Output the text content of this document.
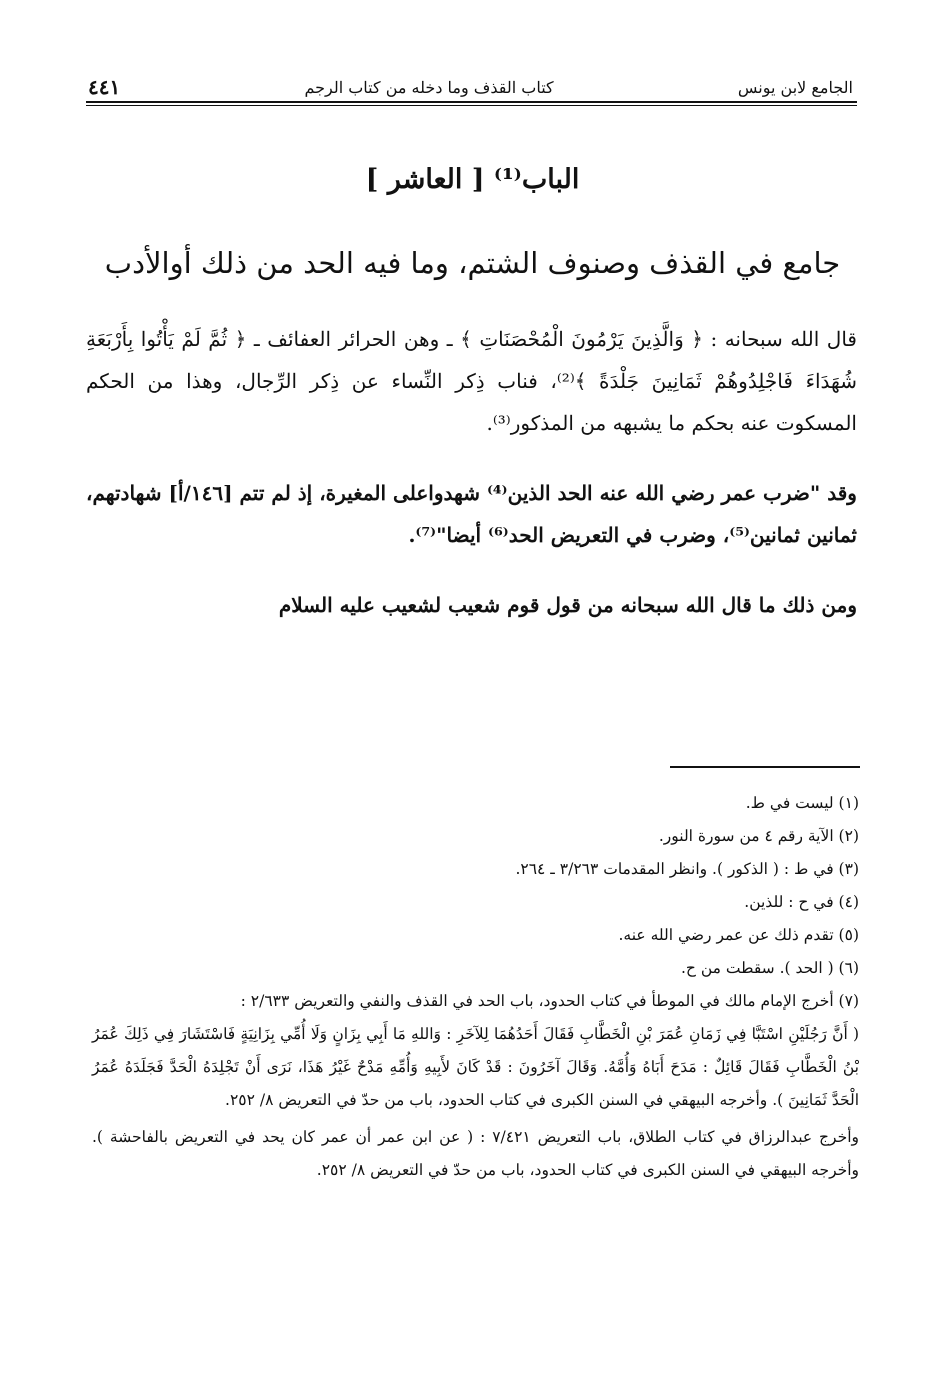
الجامع لابن يونس
كتاب القذف وما دخله من كتاب الرجم
٤٤١
الباب⁽¹⁾ [ العاشر ]
جامع في القذف وصنوف الشتم، وما فيه الحد من ذلك أوالأدب

قال الله سبحانه : ﴿ وَالَّذِينَ يَرْمُونَ الْمُحْصَنَاتِ ﴾ ـ وهن الحرائر العفائف ـ ﴿ ثُمَّ لَمْ يَأْتُوا بِأَرْبَعَةِ شُهَدَاءَ فَاجْلِدُوهُمْ ثَمَانِينَ جَلْدَةً ﴾⁽²⁾، فناب ذِكر النِّساء عن ذِكر الرِّجال، وهذا من الحكم المسكوت عنه بحكم ما يشبهه من المذكور⁽³⁾.

وقد "ضرب عمر رضي الله عنه الحد الذين⁽⁴⁾ شهدواعلى المغيرة، إذ لم تتم [١٤٦/أ] شهادتهم، ثمانين ثمانين⁽⁵⁾، وضرب في التعريض الحد⁽⁶⁾ أيضا"⁽⁷⁾.

ومن ذلك ما قال الله سبحانه من قول قوم شعيب لشعيب عليه السلام

(١) ليست في ط.

(٢) الآية رقم ٤ من سورة النور.

(٣) في ط : ( الذكور ). وانظر المقدمات ٣/٢٦٣ ـ ٢٦٤.

(٤) في ح : للذين.

(٥) تقدم ذلك عن عمر رضي الله عنه.

(٦) ( الحد ). سقطت من ح.

(٧) أخرج الإمام مالك في الموطأ في كتاب الحدود، باب الحد في القذف والنفي والتعريض ٢/٦٣٣ :

( أَنَّ رَجُلَيْنِ اسْتَبَّا فِي زَمَانِ عُمَرَ بْنِ الْخَطَّابِ فَقَالَ أَحَدُهُمَا لِلآخَرِ : وَاللهِ مَا أَبِي بِزَانٍ وَلَا أُمِّي بِزَانِيَةٍ فَاسْتَشَارَ فِي ذَلِكَ عُمَرُ بْنُ الْخَطَّابِ فَقَالَ قَائِلٌ : مَدَحَ أَبَاهُ وَأُمَّهُ. وَقَالَ آخَرُونَ : قَدْ كَانَ لأَبِيهِ وَأُمِّهِ مَدْحٌ غَيْرُ هَذَا، نَرَى أَنْ تَجْلِدَهُ الْحَدَّ فَجَلَدَهُ عُمَرُ الْحَدَّ ثَمَانِينَ ). وأخرجه البيهقي في السنن الكبرى في كتاب الحدود، باب من حدّ في التعريض ٨/ ٢٥٢.

وأخرج عبدالرزاق في كتاب الطلاق، باب التعريض ٧/٤٢١ : ( عن ابن عمر أن عمر كان يحد في التعريض بالفاحشة ). وأخرجه البيهقي في السنن الكبرى في كتاب الحدود، باب من حدّ في التعريض ٨/ ٢٥٢.
